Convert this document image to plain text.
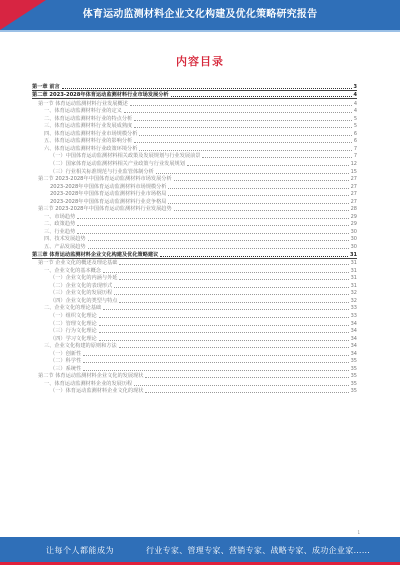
体育运动监测材料企业文化构建及优化策略研究报告
内容目录
第一章 前言	3
第二章 2023-2028年体育运动监测材料行业市场发展分析	4
第一节 体育运动监测材料行业发展概述	4
一、体育运动监测材料行业的定义	4
二、体育运动监测材料行业的特点分析	5
三、体育运动监测材料行业发展成熟度	5
四、体育运动监测材料行业市场规模分析	6
五、体育运动监测材料行业的影响分析	6
六、体育运动监测材料行业政策环境分析	7
（一）中国体育运动监测材料相关政策及发展规划与行业发展前景	7
（二）国家体育运动监测材料相关产业政策与行业发展规划	12
（三）行业相关标准规范与行业监管体制分析	15
第二节 2023-2028年中国体育运动监测材料市场发展分析	27
2023-2028年中国体育运动监测材料市场规模分析	27
2023-2028年中国体育运动监测材料行业市场格局	27
2023-2028年中国体育运动监测材料行业竞争格局	27
第三节 2023-2028年中国体育运动监测材料行业发展趋势	28
一、市场趋势	29
二、政策趋势	29
三、行业趋势	30
四、技术发展趋势	30
五、产品发展趋势	30
第三章 体育运动监测材料企业文化构建及优化策略建议	31
第一节 企业文化的概述及理论基础	31
一、企业文化的基本概念	31
（一）企业文化的内涵与外延	31
（二）企业文化的表现形式	31
（三）企业文化的发展历程	32
（四）企业文化的类型与特点	32
二、企业文化的理论基础	33
（一）组织文化理论	33
（二）管理文化理论	34
（三）行为文化理论	34
（四）学习文化理论	34
三、企业文化构建的原则和方法	34
（一）创新性	34
（二）科学性	35
（三）系统性	35
第二节 体育运动监测材料企业文化的发展现状	35
一、体育运动监测材料企业的发展历程	35
（一）体育运动监测材料企业文化的现状	35
1
让每个人都能成为	行业专家、管理专家、营销专家、战略专家、成功企业家……
